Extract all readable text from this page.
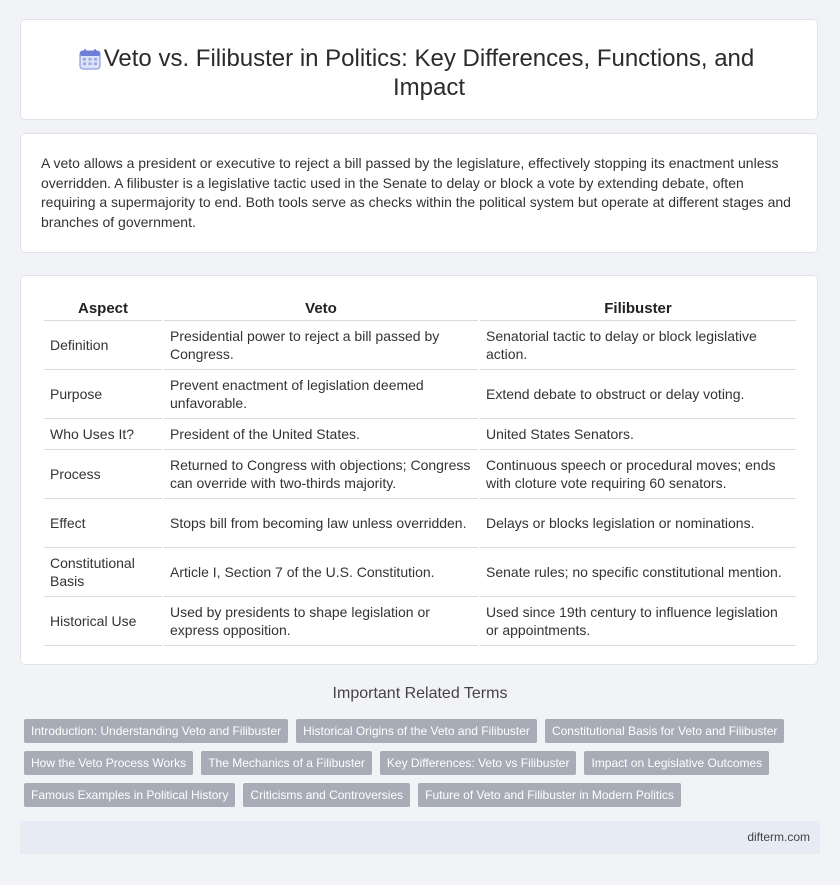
Veto vs. Filibuster in Politics: Key Differences, Functions, and Impact
A veto allows a president or executive to reject a bill passed by the legislature, effectively stopping its enactment unless overridden. A filibuster is a legislative tactic used in the Senate to delay or block a vote by extending debate, often requiring a supermajority to end. Both tools serve as checks within the political system but operate at different stages and branches of government.
Aspect	Veto	Filibuster
Definition	Presidential power to reject a bill passed by Congress.	Senatorial tactic to delay or block legislative action.
Purpose	Prevent enactment of legislation deemed unfavorable.	Extend debate to obstruct or delay voting.
Who Uses It?	President of the United States.	United States Senators.
Process	Returned to Congress with objections; Congress can override with two-thirds majority.	Continuous speech or procedural moves; ends with cloture vote requiring 60 senators.
Effect	Stops bill from becoming law unless overridden.	Delays or blocks legislation or nominations.
Constitutional Basis	Article I, Section 7 of the U.S. Constitution.	Senate rules; no specific constitutional mention.
Historical Use	Used by presidents to shape legislation or express opposition.	Used since 19th century to influence legislation or appointments.
Important Related Terms
Introduction: Understanding Veto and Filibuster	Historical Origins of the Veto and Filibuster	Constitutional Basis for Veto and Filibuster
How the Veto Process Works	The Mechanics of a Filibuster	Key Differences: Veto vs Filibuster	Impact on Legislative Outcomes
Famous Examples in Political History	Criticisms and Controversies	Future of Veto and Filibuster in Modern Politics
difterm.com
